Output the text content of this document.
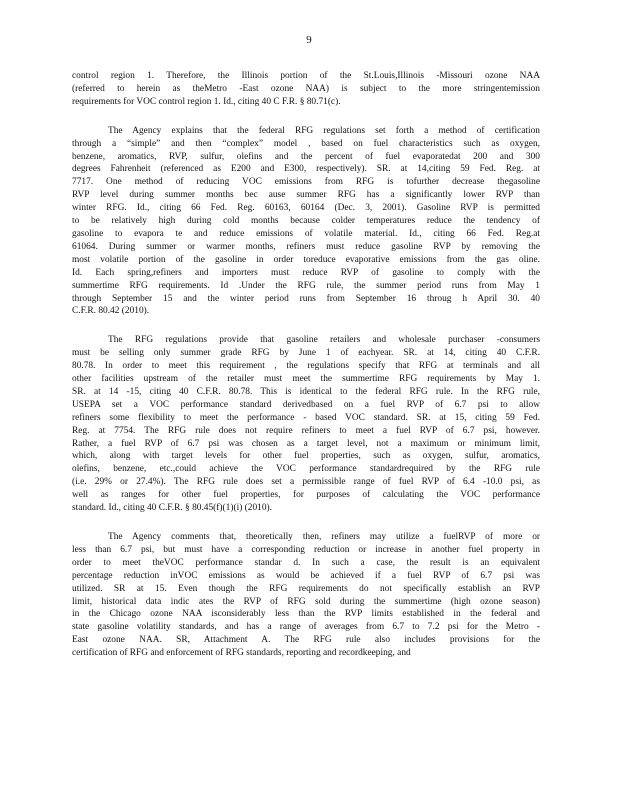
9
control region 1. Therefore, the Illinois portion of the St.Louis,Illinois -Missouri ozone NAA
(referred to herein as theMetro -East ozone NAA) is subject to the more stringentemission
requirements for VOC control region 1. Id., citing 40 C F.R. § 80.71(c).
The Agency explains that the federal RFG regulations set forth a method of certification
through a “simple” and then “complex” model , based on fuel characteristics such as oxygen,
benzene, aromatics, RVP, sulfur, olefins and the percent of fuel evaporatedat 200 and 300
degrees Fahrenheit (referenced as E200 and E300, respectively). SR. at 14,citing 59 Fed. Reg. at
7717. One method of reducing VOC emissions from RFG is tofurther decrease thegasoline
RVP level during summer months bec ause summer RFG has a significantly lower RVP than
winter RFG. Id., citing 66 Fed. Reg. 60163, 60164 (Dec. 3, 2001). Gasoline RVP is permitted
to be relatively high during cold months because colder temperatures reduce the tendency of
gasoline to evapora te and reduce emissions of volatile material. Id., citing 66 Fed. Reg.at
61064. During summer or warmer months, refiners must reduce gasoline RVP by removing the
most volatile portion of the gasoline in order toreduce evaporative emissions from the gas oline.
Id. Each spring,refiners and importers must reduce RVP of gasoline to comply with the
summertime RFG requirements. Id .Under the RFG rule, the summer period runs from May 1
through September 15 and the winter period runs from September 16 throug h April 30. 40
C.F.R. 80.42 (2010).
The RFG regulations provide that gasoline retailers and wholesale purchaser -consumers
must be selling only summer grade RFG by June 1 of eachyear. SR. at 14, citing 40 C.F.R.
80.78. In order to meet this requirement , the regulations specify that RFG at terminals and all
other facilities upstream of the retailer must meet the summertime RFG requirements by May 1.
SR. at 14 -15, citing 40 C.F.R. 80.78. This is identical to the federal RFG rule. In the RFG rule,
USEPA set a VOC performance standard derivedbased on a fuel RVP of 6.7 psi to allow
refiners some flexibility to meet the performance - based VOC standard. SR. at 15, citing 59 Fed.
Reg. at 7754. The RFG rule does not require refiners to meet a fuel RVP of 6.7 psi, however.
Rather, a fuel RVP of 6.7 psi was chosen as a target level, not a maximum or minimum limit,
which, along with target levels for other fuel properties, such as oxygen, sulfur, aromatics,
olefins, benzene, etc.,could achieve the VOC performance standardrequired by the RFG rule
(i.e. 29% or 27.4%). The RFG rule does set a permissible range of fuel RVP of 6.4 -10.0 psi, as
well as ranges for other fuel properties, for purposes of calculating the VOC performance
standard. Id., citing 40 C.F.R. § 80.45(f)(1)(i) (2010).
The Agency comments that, theoretically then, refiners may utilize a fuelRVP of more or
less than 6.7 psi, but must have a corresponding reduction or increase in another fuel property in
order to meet theVOC performance standar d. In such a case, the result is an equivalent
percentage reduction inVOC emissions as would be achieved if a fuel RVP of 6.7 psi was
utilized. SR at 15. Even though the RFG requirements do not specifically establish an RVP
limit, historical data indic ates the RVP of RFG sold during the summertime (high ozone season)
in the Chicago ozone NAA isconsiderably less than the RVP limits established in the federal and
state gasoline volatility standards, and has a range of averages from 6.7 to 7.2 psi for the Metro -
East ozone NAA. SR, Attachment A. The RFG rule also includes provisions for the
certification of RFG and enforcement of RFG standards, reporting and recordkeeping, and
